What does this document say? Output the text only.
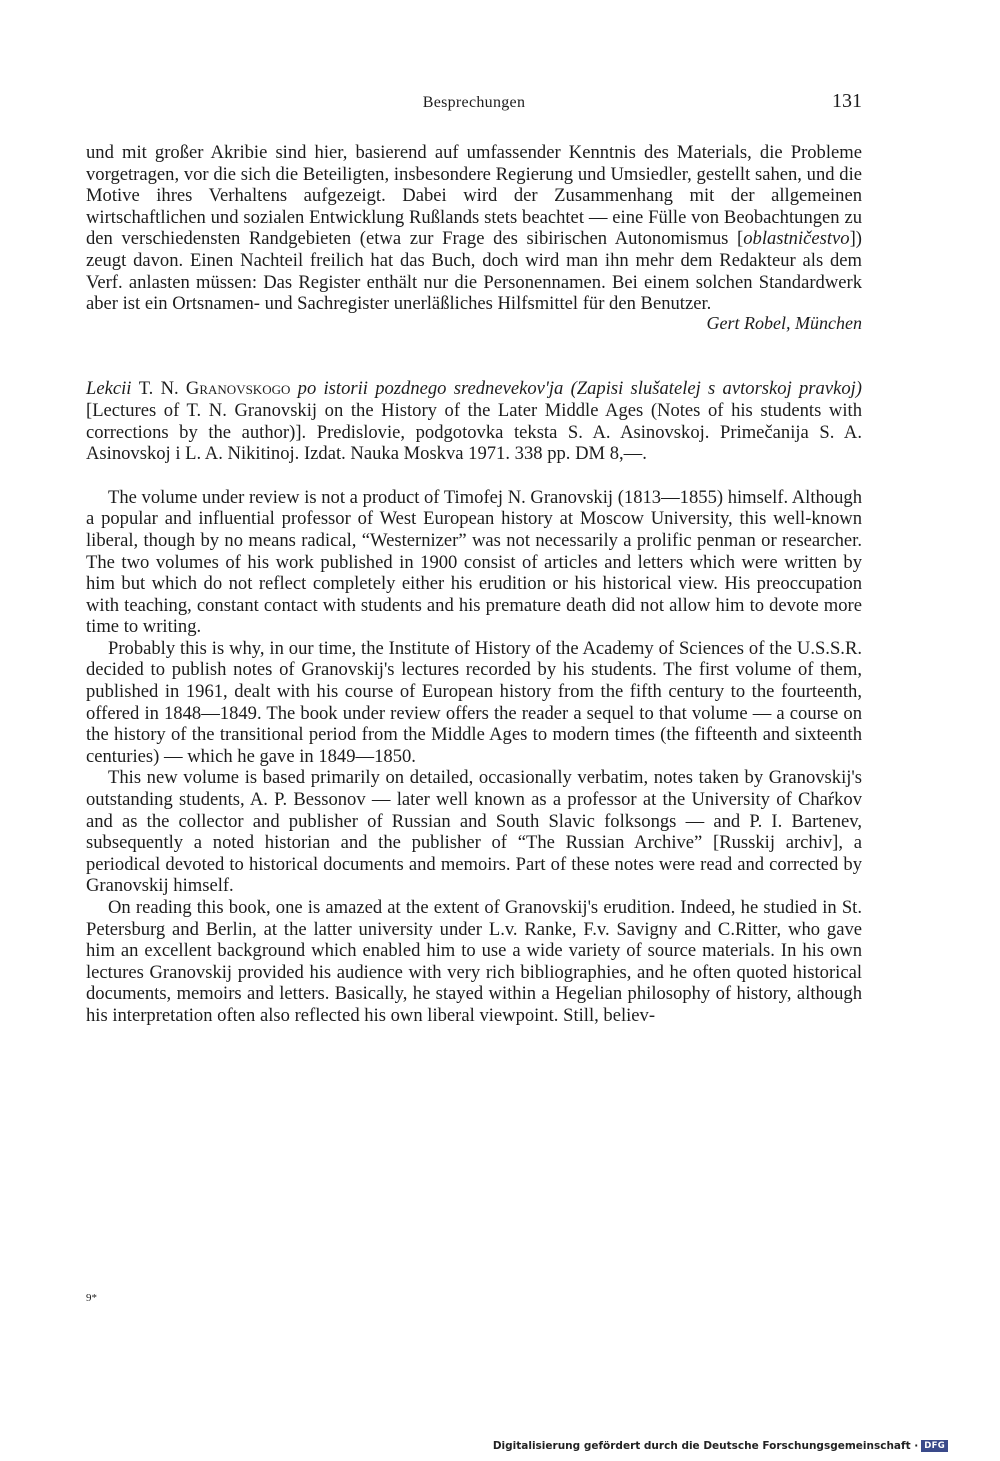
Besprechungen	131

und mit großer Akribie sind hier, basierend auf umfassender Kenntnis des Materials, die Probleme vorgetragen, vor die sich die Beteiligten, insbesondere Regierung und Umsiedler, gestellt sahen, und die Motive ihres Verhaltens aufgezeigt. Dabei wird der Zusammenhang mit der allgemeinen wirtschaftlichen und sozialen Entwicklung Rußlands stets beachtet — eine Fülle von Beobachtungen zu den verschiedensten Randgebieten (etwa zur Frage des sibirischen Autonomismus [oblastničestvo]) zeugt davon. Einen Nachteil freilich hat das Buch, doch wird man ihn mehr dem Redakteur als dem Verf. anlasten müssen: Das Register enthält nur die Personennamen. Bei einem solchen Standardwerk aber ist ein Ortsnamen- und Sachregister unerläßliches Hilfsmittel für den Benutzer.

Gert Robel, München

Lekcii T. N. Granovskogo po istorii pozdnego srednevekov'ja (Zapisi slušatelej s avtorskoj pravkoj) [Lectures of T. N. Granovskij on the History of the Later Middle Ages (Notes of his students with corrections by the author)]. Predislovie, podgotovka teksta S. A. Asinovskoj. Primečanija S. A. Asinovskoj i L. A. Nikitinoj. Izdat. Nauka Moskva 1971. 338 pp. DM 8,—.

The volume under review is not a product of Timofej N. Granovskij (1813—1855) himself. Although a popular and influential professor of West European history at Moscow University, this well-known liberal, though by no means radical, “Westernizer” was not necessarily a prolific penman or researcher. The two volumes of his work published in 1900 consist of articles and letters which were written by him but which do not reflect completely either his erudition or his historical view. His preoccupation with teaching, constant contact with students and his premature death did not allow him to devote more time to writing.

Probably this is why, in our time, the Institute of History of the Academy of Sciences of the U.S.S.R. decided to publish notes of Granovskij's lectures recorded by his students. The first volume of them, published in 1961, dealt with his course of European history from the fifth century to the fourteenth, offered in 1848—1849. The book under review offers the reader a sequel to that volume — a course on the history of the transitional period from the Middle Ages to modern times (the fifteenth and sixteenth centuries) — which he gave in 1849—1850.

This new volume is based primarily on detailed, occasionally verbatim, notes taken by Granovskij's outstanding students, A. P. Bessonov — later well known as a professor at the University of Chaŕkov and as the collector and publisher of Russian and South Slavic folksongs — and P. I. Bartenev, subsequently a noted historian and the publisher of “The Russian Archive” [Russkij archiv], a periodical devoted to historical documents and memoirs. Part of these notes were read and corrected by Granovskij himself.

On reading this book, one is amazed at the extent of Granovskij's erudition. Indeed, he studied in St. Petersburg and Berlin, at the latter university under L.v. Ranke, F.v. Savigny and C.Ritter, who gave him an excellent background which enabled him to use a wide variety of source materials. In his own lectures Granovskij provided his audience with very rich bibliographies, and he often quoted historical documents, memoirs and letters. Basically, he stayed within a Hegelian philosophy of history, although his interpretation often also reflected his own liberal viewpoint. Still, believ-

9*
Digitalisierung gefördert durch die Deutsche Forschungsgemeinschaft · DFG
